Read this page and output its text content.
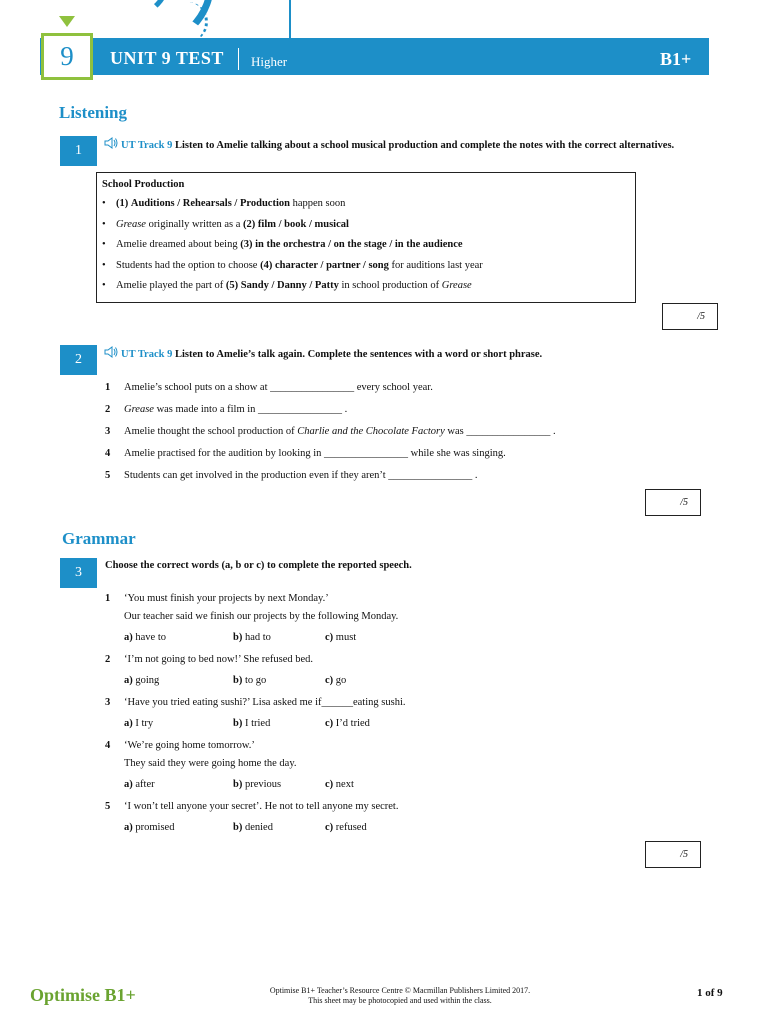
9	UNIT 9 TEST Higher	B1+
Listening
1	UT Track 9 Listen to Amelie talking about a school musical production and complete the notes with the correct alternatives.
School Production
• (1) Auditions / Rehearsals / Production happen soon
• Grease originally written as a (2) film / book / musical
• Amelie dreamed about being (3) in the orchestra / on the stage / in the audience
• Students had the option to choose (4) character / partner / song for auditions last year
• Amelie played the part of (5) Sandy / Danny / Patty in school production of Grease
/5
2	UT Track 9 Listen to Amelie’s talk again. Complete the sentences with a word or short phrase.
1 Amelie’s school puts on a show at ________________ every school year.
2 Grease was made into a film in ________________ .
3 Amelie thought the school production of Charlie and the Chocolate Factory was ________________ .
4 Amelie practised for the audition by looking in ________________ while she was singing.
5 Students can get involved in the production even if they aren’t ________________ .
/5
Grammar
3	Choose the correct words (a, b or c) to complete the reported speech.
1 ‘You must finish your projects by next Monday.’
Our teacher said we finish our projects by the following Monday.
a) have to	b) had to	c) must
2 ‘I’m not going to bed now!’ She refused bed.
a) going	b) to go	c) go
3 ‘Have you tried eating sushi?’ Lisa asked me if______eating sushi.
a) I try	b) I tried	c) I’d tried
4 ‘We’re going home tomorrow.’
They said they were going home the day.
a) after	b) previous	c) next
5 ‘I won’t tell anyone your secret’. He not to tell anyone my secret.
a) promised	b) denied	c) refused
/5
Optimise B1+	Optimise B1+ Teacher’s Resource Centre © Macmillan Publishers Limited 2017.
This sheet may be photocopied and used within the class.
1 of 9
